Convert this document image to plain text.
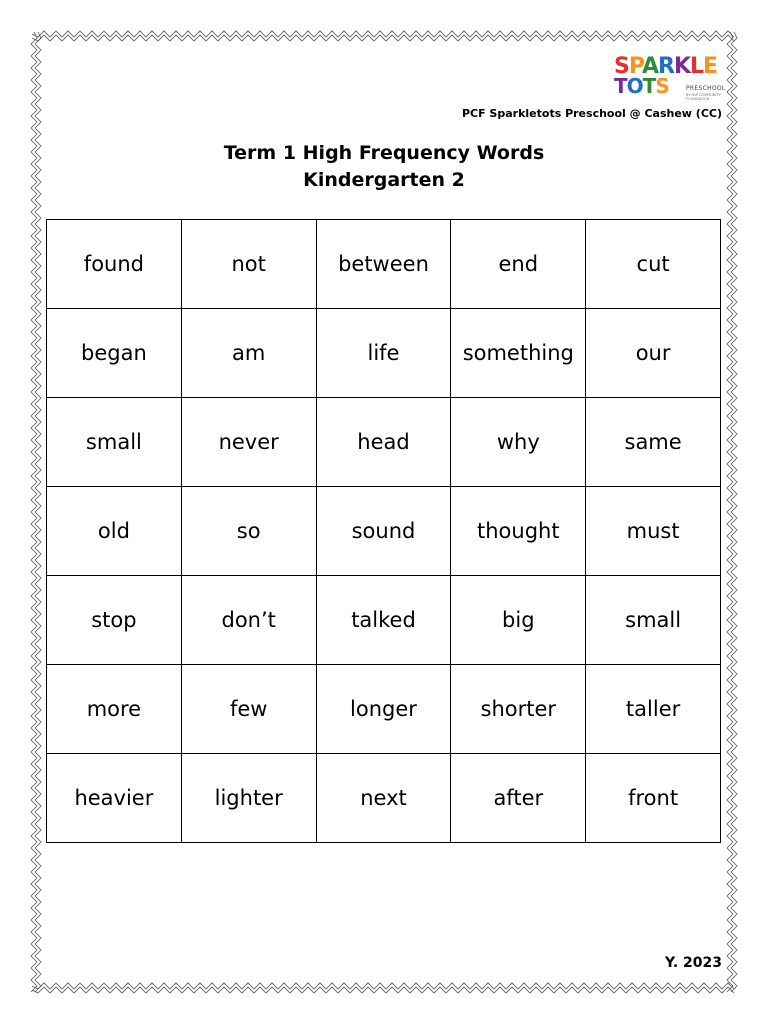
SPARKLE
TOTS	PRESCHOOL
BY PAP COMMUNITY FOUNDATION
PCF Sparkletots Preschool @ Cashew (CC)
Term 1 High Frequency Words
Kindergarten 2
found	not	between	end	cut
began	am	life	something	our
small	never	head	why	same
old	so	sound	thought	must
stop	don’t	talked	big	small
more	few	longer	shorter	taller
heavier	lighter	next	after	front
Y. 2023
